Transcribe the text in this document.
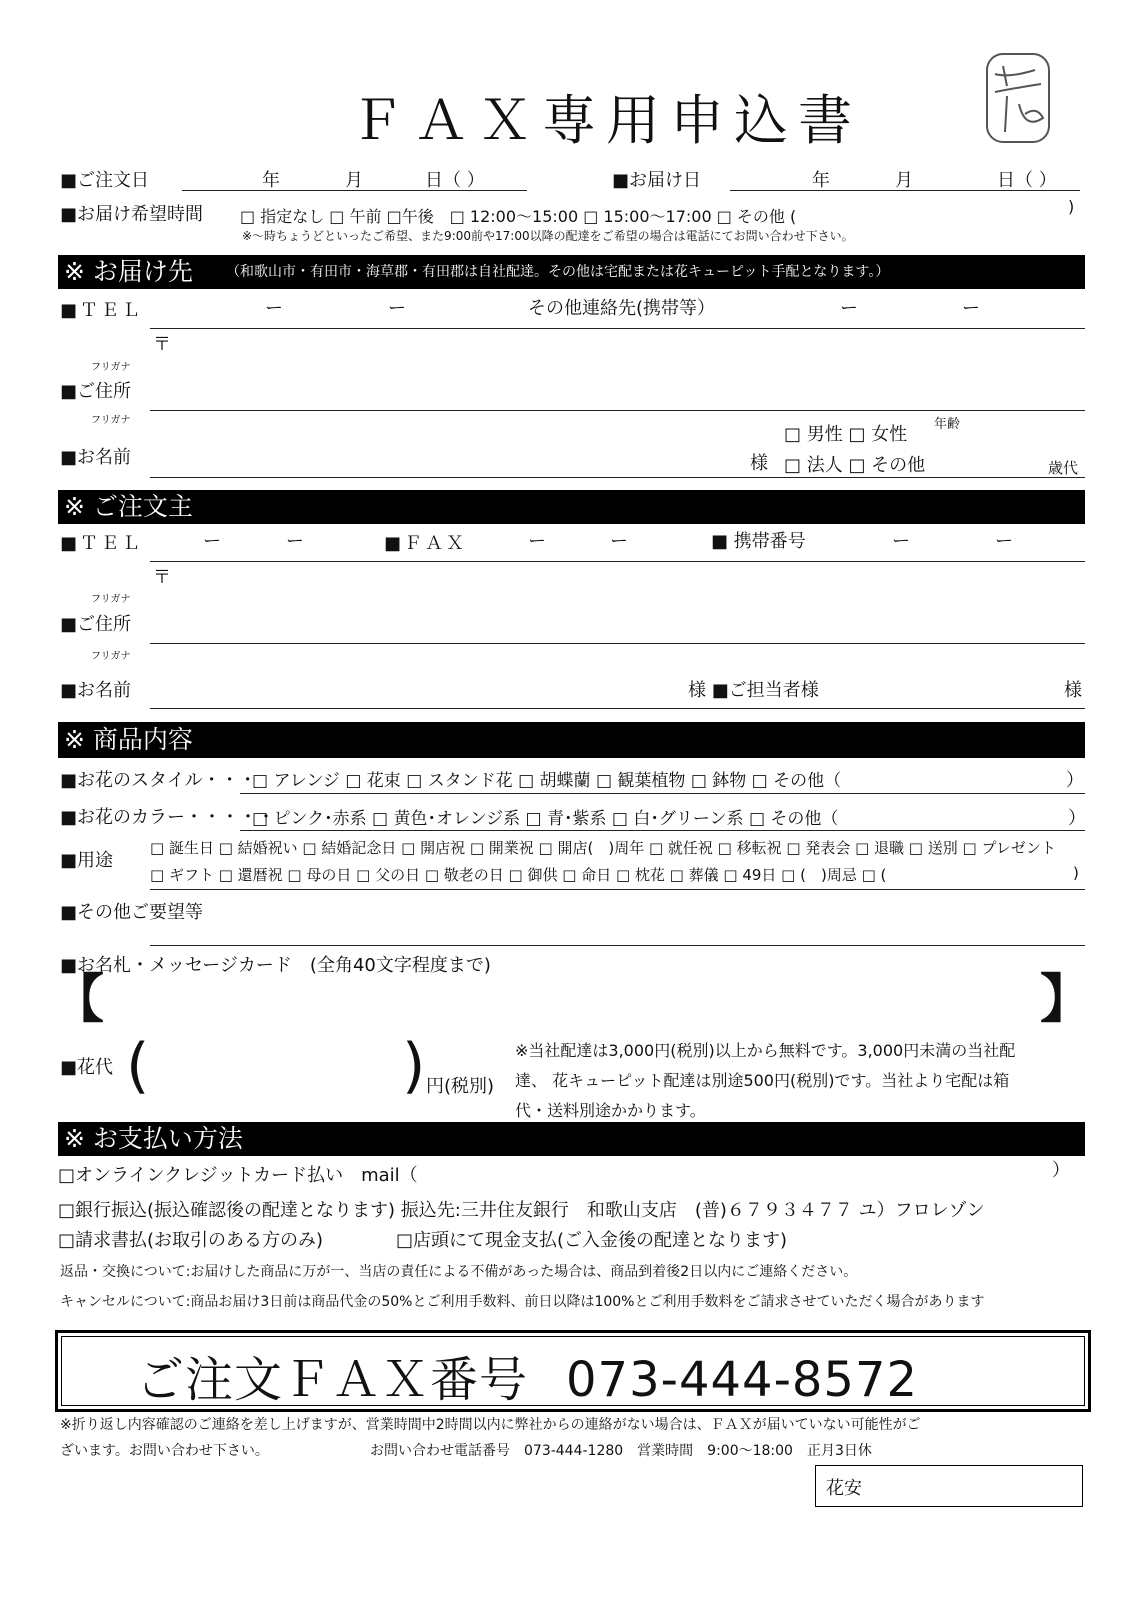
ＦＡＸ専用申込書
■ご注文日	年	月	日（ ）	■お届け日	年	月	日（ ）
■お届け希望時間 □ 指定なし □ 午前 □午後　□ 12:00〜15:00 □ 15:00〜17:00 □ その他 (
)
※〜時ちょうどといったご希望、また9:00前や17:00以降の配達をご希望の場合は電話にてお問い合わせ下さい。
※ お届け先 （和歌山市・有田市・海草郡・有田郡は自社配達。その他は宅配または花キューピット手配となります。）
■ＴＥＬ	ー	ー	その他連絡先(携帯等）	ー	ー
〒
フリガナ
■ご住所
フリガナ
□ 男性 □ 女性 年齢
■お名前	様 □ 法人 □ その他	歳代
※ ご注文主
■ＴＥＬ	ー	ー	■ＦＡＸ	ー	ー	■ 携帯番号	ー	ー
〒
フリガナ
■ご住所
フリガナ
■お名前	様 ■ご担当者様	様
※ 商品内容
■お花のスタイル・・・
□ アレンジ □ 花束 □ スタンド花 □ 胡蝶蘭 □ 観葉植物 □ 鉢物 □ その他（	）
■お花のカラー・・・・・
□ ピンク･赤系 □ 黄色･オレンジ系 □ 青･紫系 □ 白･グリーン系 □ その他（	）
■用途
□ 誕生日 □ 結婚祝い □ 結婚記念日 □ 開店祝 □ 開業祝 □ 開店(　)周年 □ 就任祝 □ 移転祝 □ 発表会 □ 退職 □ 送別 □ プレゼント
□ ギフト □ 還暦祝 □ 母の日 □ 父の日 □ 敬老の日 □ 御供 □ 命日 □ 枕花 □ 葬儀 □ 49日 □ (　)周忌 □ (	)
■その他ご要望等
■お名札・メッセージカード　(全角40文字程度まで)
【	】
■花代 (	) 円(税別)
※当社配達は3,000円(税別)以上から無料です。3,000円未満の当社配
達、 花キューピット配達は別途500円(税別)です。当社より宅配は箱
代・送料別途かかります。
※ お支払い方法
□オンラインクレジットカード払い　mail（	）
□銀行振込(振込確認後の配達となります) 振込先:三井住友銀行　和歌山支店　(普)６７９３４７７ ユ）フロレゾン
□請求書払(お取引のある方のみ)	□店頭にて現金支払(ご入金後の配達となります)
返品・交換について:お届けした商品に万が一、当店の責任による不備があった場合は、商品到着後2日以内にご連絡ください。
キャンセルについて:商品お届け3日前は商品代金の50%とご利用手数料、前日以降は100%とご利用手数料をご請求させていただく場合があります
ご注文ＦＡＸ番号 073-444-8572
※折り返し内容確認のご連絡を差し上げますが、営業時間中2時間以内に弊社からの連絡がない場合は、ＦＡＸが届いていない可能性がご
ざいます。お問い合わせ下さい。	お問い合わせ電話番号　073-444-1280　営業時間　9:00〜18:00　正月3日休
花安
